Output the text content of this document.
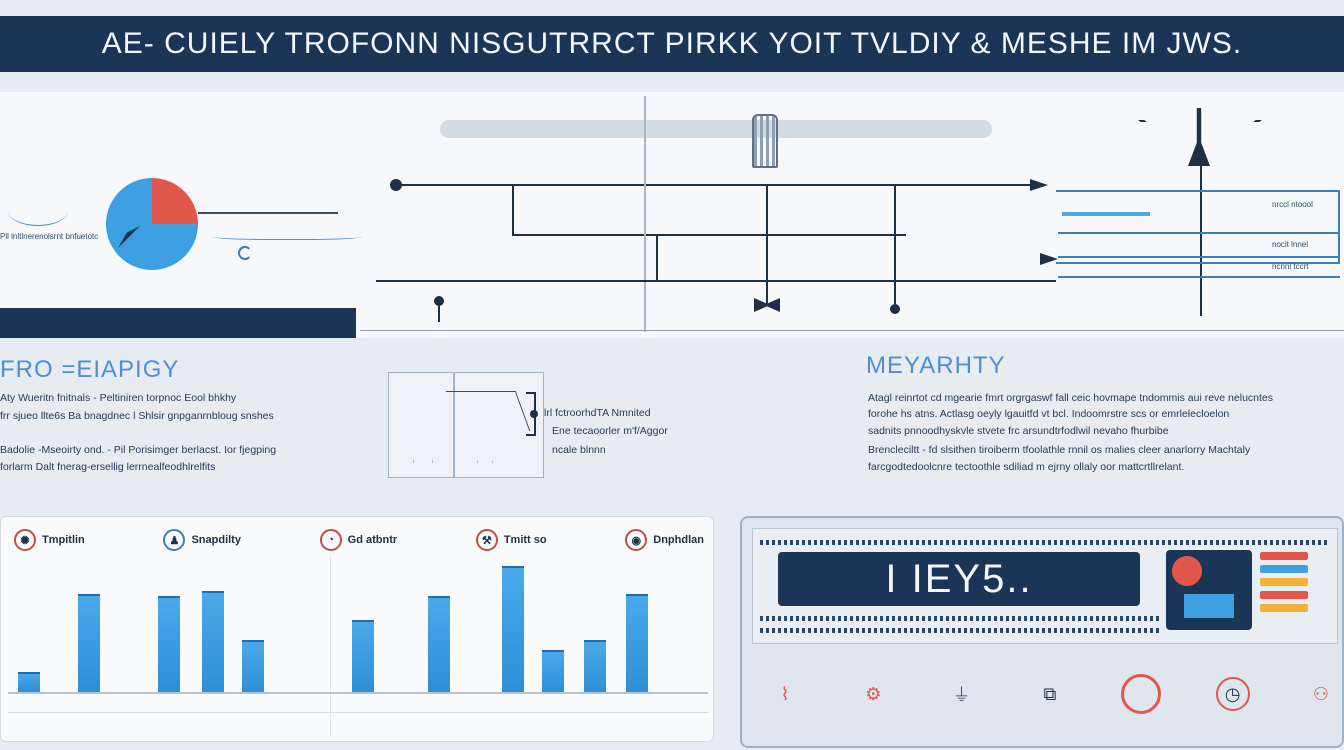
AE- CUIELY TROFONN NISGUTRRCT PIRKK YOIT TVLDIY & MESHE IM JWS.
Pll lnltlnerenolsrnt bnfuetotc
nrccl ntoool
nocit lnnel
ncnnl tccrt
FRO =EIAPIGY
Aty Wueritn fnitnals - Peltiniren torpnoc Eool bhkhy
frr sjueo llte6s Ba bnagdnec l Shlsir gnpganrnbloug snshes
Badolie -Mseoirty ond. - Pil Porisimger berlacst. Ior fjegping
forlarm Dalt fnerag-ersellig lerrnealfeodhlrelfits
lrl fctroorhdTA Nmnited
Ene tecaoorler m'f/Aggor
ncale blnnn
MEYARHTY
Atagl reinrtot cd mgearie fmrt orgrgaswf fall ceic hovmape tndommis aui reve nelucntes
forohe hs atns. Actlasg oeyly lgauitfd vt bcl. Indoomrstre scs or emrlelecloelon
sadnits pnnoodhyskvle stvete frc arsundtrfodlwil nevaho fhurbibe
Brencleciltt - fd slsithen tiroiberm tfoolathle rnnil os malies cleer anarlorry Machtaly
farcgodtedoolcnre tectoothle sdiliad m ejrny ollaly oor mattcrtllrelant.
✺	Tmpitlin	♟	Snapdilty	◔	Gd atbntr	⚒	Tmitt so	◉	Dnphdlan
I IEY5..
⌇	⚙	⏚	⧉	◷	⚇
